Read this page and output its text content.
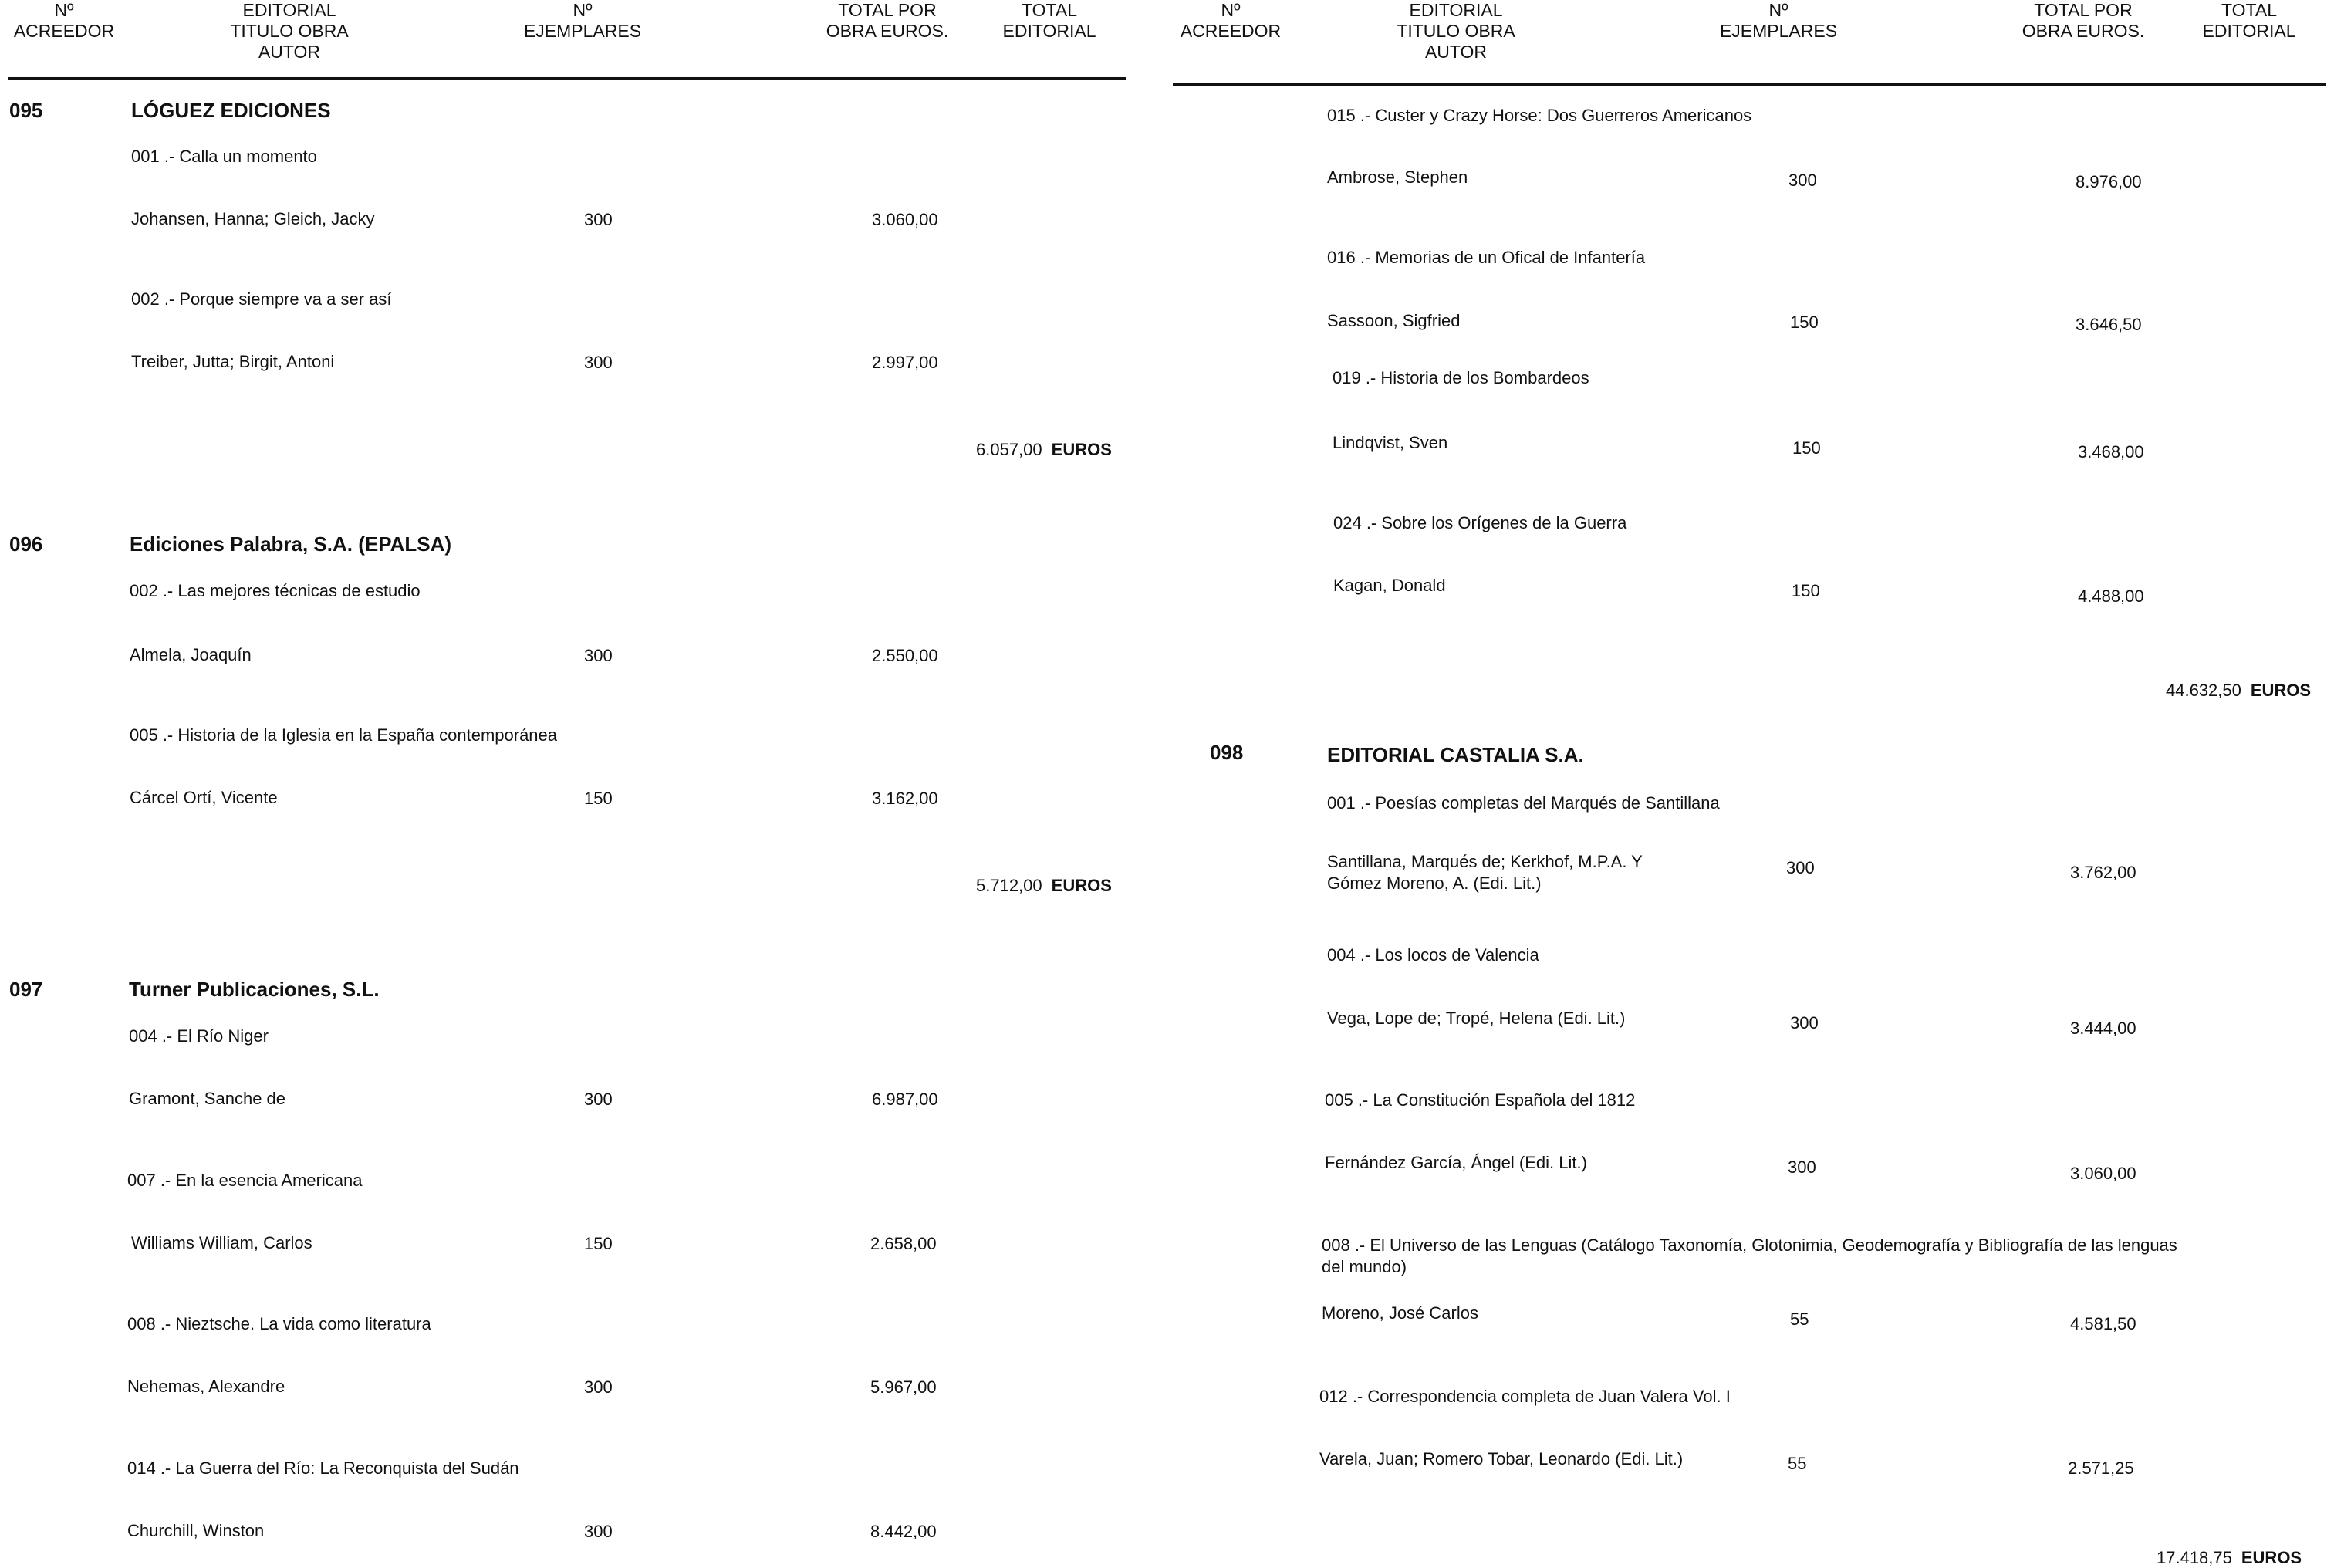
Nº
ACREEDOR
EDITORIAL
TITULO OBRA
AUTOR
Nº
EJEMPLARES
TOTAL POR
OBRA EUROS.
TOTAL
EDITORIAL
095	LÓGUEZ EDICIONES
001 .- Calla un momento
Johansen, Hanna; Gleich, Jacky	300	3.060,00
002 .- Porque siempre va a ser así
Treiber, Jutta; Birgit, Antoni	300	2.997,00
6.057,00 EUROS
096	Ediciones Palabra, S.A. (EPALSA)
002 .- Las mejores técnicas de estudio
Almela, Joaquín	300	2.550,00
005 .- Historia de la Iglesia en la España contemporánea
Cárcel Ortí, Vicente	150	3.162,00
5.712,00 EUROS
097	Turner Publicaciones, S.L.
004 .- El Río Niger
Gramont, Sanche de	300	6.987,00
007 .- En la esencia Americana
Williams William, Carlos	150	2.658,00
008 .- Nieztsche. La vida como literatura
Nehemas, Alexandre	300	5.967,00
014 .- La Guerra del Río: La Reconquista del Sudán
Churchill, Winston	300	8.442,00
Nº
ACREEDOR
EDITORIAL
TITULO OBRA
AUTOR
Nº
EJEMPLARES
TOTAL POR
OBRA EUROS.
TOTAL
EDITORIAL
015 .- Custer y Crazy Horse: Dos Guerreros Americanos
Ambrose, Stephen	300	8.976,00
016 .- Memorias de un Ofical de Infantería
Sassoon, Sigfried	150	3.646,50
019 .- Historia de los Bombardeos
Lindqvist, Sven	150	3.468,00
024 .- Sobre los Orígenes de la Guerra
Kagan, Donald	150	4.488,00
44.632,50 EUROS
098	EDITORIAL CASTALIA S.A.
001 .- Poesías completas del Marqués de Santillana
Santillana, Marqués de; Kerkhof, M.P.A. Y Gómez Moreno, A. (Edi. Lit.)
300	3.762,00
004 .- Los locos de Valencia
Vega, Lope de; Tropé, Helena (Edi. Lit.)	300	3.444,00
005 .- La Constitución Española del 1812
Fernández García, Ángel (Edi. Lit.)	300	3.060,00
008 .- El Universo de las Lenguas (Catálogo Taxonomía, Glotonimia, Geodemografía y Bibliografía de las lenguas del mundo)
Moreno, José Carlos	55	4.581,50
012 .- Correspondencia completa de Juan Valera Vol. I
Varela, Juan; Romero Tobar, Leonardo (Edi. Lit.)	55	2.571,25
17.418,75 EUROS
